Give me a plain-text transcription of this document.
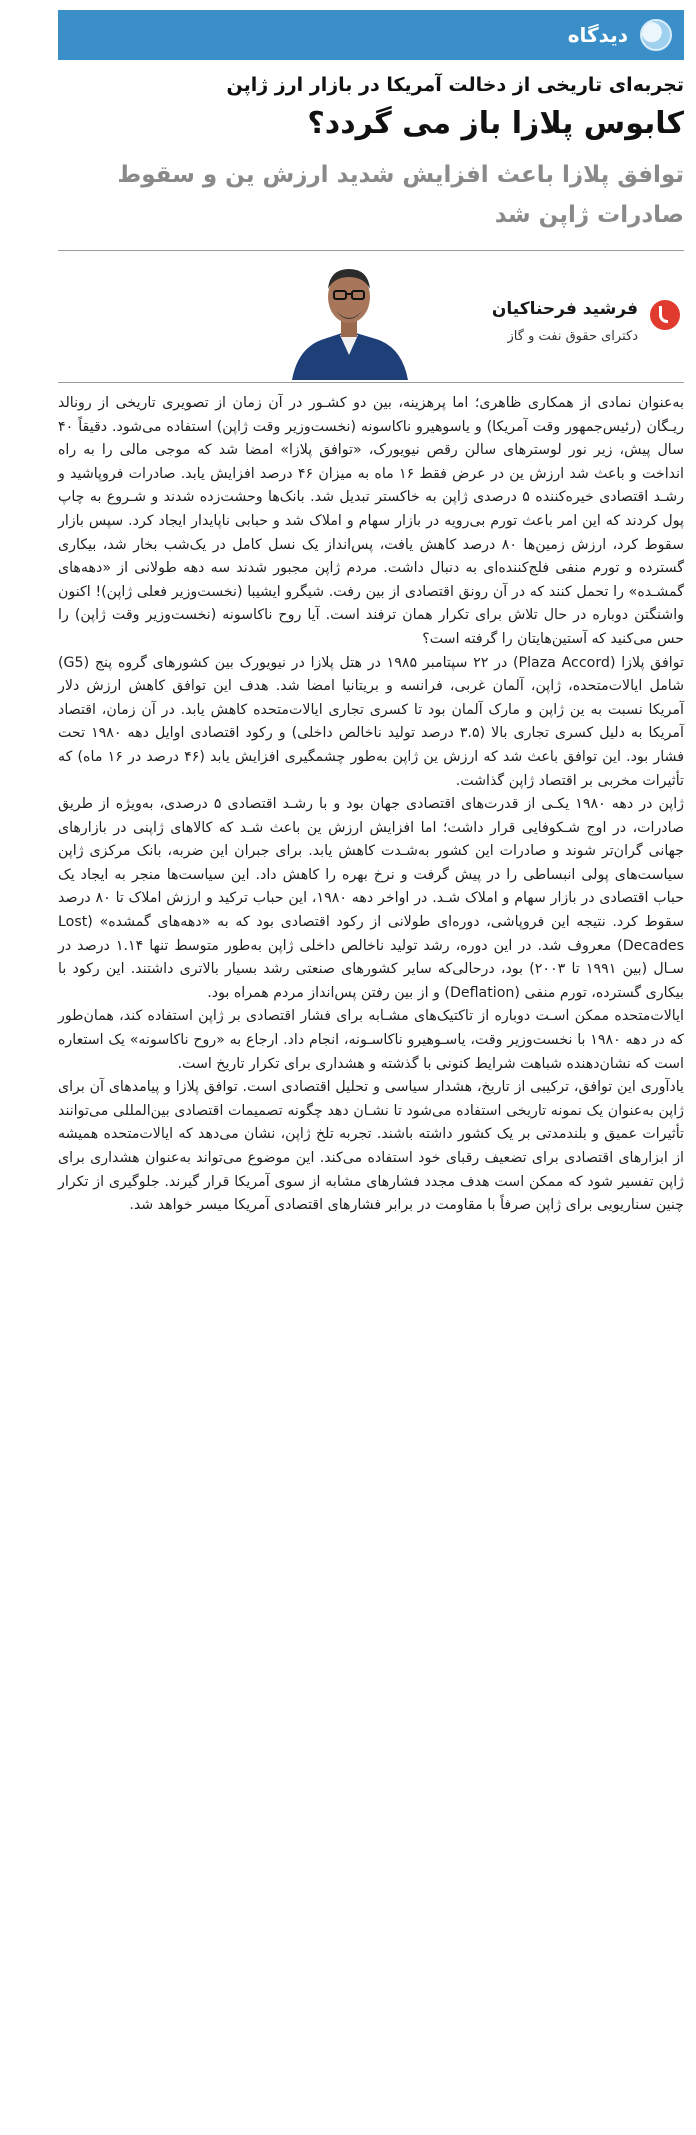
دیدگاه
تجربه‌ای تاریخی از دخالت آمریکا در بازار ارز ژاپن
کابوس پلازا باز می گردد؟
توافق پلازا باعث افزایش شدید ارزش ین و سقوط صادرات ژاپن شد
فرشید فرحناکیان
دکترای حقوق نفت و گاز

به‌عنوان نمادی از همکاری ظاهری؛ اما پرهزینه، بین دو کشـور در آن زمان از تصویری تاریخی از رونالد ریـگان (رئیس‌جمهور وقت آمریکا) و یاسوهیرو ناکاسونه (نخست‌وزیر وقت ژاپن) استفاده می‌شود. دقیقاً ۴۰ سال پیش، زیر نور لوسترهای سالن رقص نیویورک، «توافق پلازا» امضا شد که موجی مالی را به راه انداخت و باعث شد ارزش ین در عرض فقط ۱۶ ماه به میزان ۴۶ درصد افزایش یابد. صادرات فروپاشید و رشـد اقتصادی خیره‌کننده ۵ درصدی ژاپن به خاکستر تبدیل شد. بانک‌ها وحشت‌زده شدند و شـروع به چاپ پول کردند که این امر باعث تورم بی‌رویه در بازار سهام و املاک شد و حبابی ناپایدار ایجاد کرد. سپس بازار سقوط کرد، ارزش زمین‌ها ۸۰ درصد کاهش یافت، پس‌انداز یک نسل کامل در یک‌شب بخار شد، بیکاری گسترده و تورم منفی فلج‌کننده‌ای به دنبال داشت. مردم ژاپن مجبور شدند سه دهه طولانی از «دهه‌های گمشـده» را تحمل کنند که در آن رونق اقتصادی از بین رفت. شیگرو ایشیبا (نخست‌وزیر فعلی ژاپن)! اکنون واشنگتن دوباره در حال تلاش برای تکرار همان ترفند است. آیا روح ناکاسونه (نخست‌وزیر وقت ژاپن) را حس می‌کنید که آستین‌هایتان را گرفته است؟

توافق پلازا (Plaza Accord) در ۲۲ سپتامبر ۱۹۸۵ در هتل پلازا در نیویورک بین کشورهای گروه پنج (G5) شامل ایالات‌متحده، ژاپن، آلمان غربی، فرانسه و بریتانیا امضا شد. هدف این توافق کاهش ارزش دلار آمریکا نسبت به ین ژاپن و مارک آلمان بود تا کسری تجاری ایالات‌متحده کاهش یابد. در آن زمان، اقتصاد آمریکا به دلیل کسری تجاری بالا (۳.۵ درصد تولید ناخالص داخلی) و رکود اقتصادی اوایل دهه ۱۹۸۰ تحت فشار بود. این توافق باعث شد که ارزش ین ژاپن به‌طور چشمگیری افزایش یابد (۴۶ درصد در ۱۶ ماه) که تأثیرات مخربی بر اقتصاد ژاپن گذاشت.

ژاپن در دهه ۱۹۸۰ یکـی از قدرت‌های اقتصادی جهان بود و با رشـد اقتصادی ۵ درصدی، به‌ویژه از طریق صادرات، در اوج شـکوفایی قرار داشت؛ اما افزایش ارزش ین باعث شـد که کالاهای ژاپنی در بازارهای جهانی گران‌تر شوند و صادرات این کشور به‌شـدت کاهش یابد. برای جبران این ضربه، بانک مرکزی ژاپن سیاست‌های پولی انبساطی را در پیش گرفت و نرخ بهره را کاهش داد. این سیاست‌ها منجر به ایجاد یک حباب اقتصادی در بازار سهام و املاک شـد. در اواخر دهه ۱۹۸۰، این حباب ترکید و ارزش املاک تا ۸۰ درصد سقوط کرد. نتیجه این فروپاشی، دوره‌ای طولانی از رکود اقتصادی بود که به «دهه‌های گمشده» (Lost Decades) معروف شد. در این دوره، رشد تولید ناخالص داخلی ژاپن به‌طور متوسط تنها ۱.۱۴ درصد در سـال (بین ۱۹۹۱ تا ۲۰۰۳) بود، درحالی‌که سایر کشورهای صنعتی رشد بسیار بالاتری داشتند. این رکود با بیکاری گسترده، تورم منفی (Deflation) و از بین رفتن پس‌انداز مردم همراه بود.

ایالات‌متحده ممکن اسـت دوباره از تاکتیک‌های مشـابه برای فشار اقتصادی بر ژاپن استفاده کند، همان‌طور که در دهه ۱۹۸۰ با نخست‌وزیر وقت، یاسـوهیرو ناکاسـونه، انجام داد. ارجاع به «روح ناکاسونه» یک استعاره است که نشان‌دهنده شباهت شرایط کنونی با گذشته و هشداری برای تکرار تاریخ است.

یادآوری این توافق، ترکیبی از تاریخ، هشدار سیاسی و تحلیل اقتصادی است. توافق پلازا و پیامدهای آن برای ژاپن به‌عنوان یک نمونه تاریخی استفاده می‌شود تا نشـان دهد چگونه تصمیمات اقتصادی بین‌المللی می‌توانند تأثیرات عمیق و بلندمدتی بر یک کشور داشته باشند. تجربه تلخ ژاپن، نشان می‌دهد که ایالات‌متحده همیشه از ابزارهای اقتصادی برای تضعیف رقبای خود استفاده می‌کند. این موضوع می‌تواند به‌عنوان هشداری برای ژاپن تفسیر شود که ممکن است هدف مجدد فشارهای مشابه از سوی آمریکا قرار گیرند. جلوگیری از تکرار چنین سناریویی برای ژاپن صرفاً با مقاومت در برابر فشارهای اقتصادی آمریکا میسر خواهد شد.
